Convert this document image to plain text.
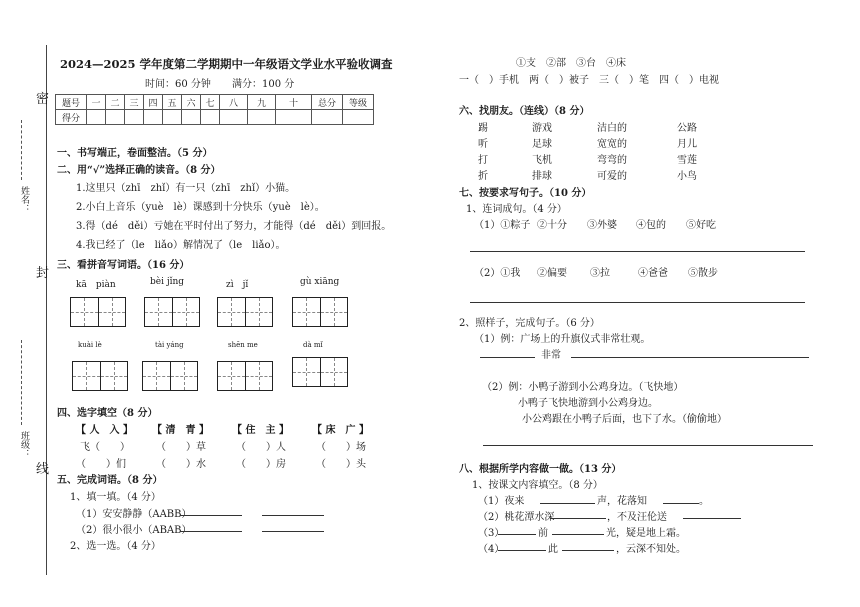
密
封
线
姓名：
班级：
2024—2025 学年度第二学期期中一年级语文学业水平验收调查
时间：60 分钟 满分：100 分
题号	一	二	三	四	五	六	七	八	九	十	总分	等级
得分												
一、书写端正，卷面整洁。（5 分）
二、用“√”选择正确的读音。（8 分）
1.这里只（zhī　zhǐ）有一只（zhī　zhǐ）小猫。
2.小白上音乐（yuè　lè）课感到十分快乐（yuè　lè）。
3.得（dé　děi）亏她在平时付出了努力，才能得（dé　děi）到回报。
4.我已经了（le　liǎo）解情况了（le　liǎo）。
三、看拼音写词语。（16 分）
kā　piàn	bèi jǐng	zì　jǐ	gù xiāng
kuài lè	tài yáng	shēn me	dà mǐ
四、选字填空（8 分）
【 人　入 】 【 清　青 】 【 住　主 】 【 床　广 】
飞（　　）	（　　）草	（　　）人	（　　）场
（　　）们	（　　）水	（　　）房	（　　）头
五、完成词语。（8 分）
1、填一填。（4 分）
（1）安安静静（AABB）
（2）很小很小（ABAB）
2、选一选。（4 分）
①支　②部　③台　④床
一（　）手机　两（　）被子　三（　）笔　四（　）电视
六、找朋友。（连线）（8 分）
踢
听
打
折
游戏
足球
飞机
排球
洁白的
宽宽的
弯弯的
可爱的
公路
月儿
雪莲
小鸟
七、按要求写句子。（10 分）
1、连词成句。（4 分）
（1）①粽子 ②十分 ③外婆 ④包的 ⑤好吃
（2）①我 ②偏要 ③拉	④爸爸 ⑤散步
2、照样子，完成句子。（6 分）
（1）例：广场上的升旗仪式非常壮观。
非常
（2）例：小鸭子游到小公鸡身边。（飞快地）
小鸭子飞快地游到小公鸡身边。
小公鸡跟在小鸭子后面，也下了水。（偷偷地）
八、根据所学内容做一做。（13 分）
1、按课文内容填空。（8 分）
（1）夜来	声，花落知	。
（2）桃花潭水深	，不及汪伦送
（3）	前	光，疑是地上霜。
（4）	此	，云深不知处。
